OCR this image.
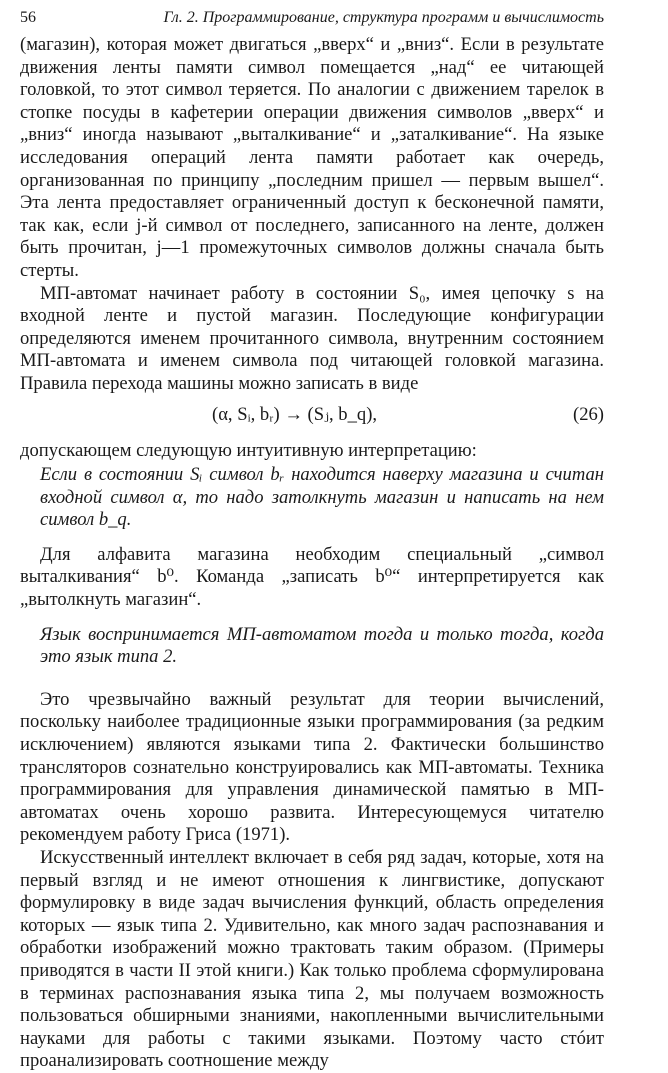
56	Гл. 2. Программирование, структура программ и вычислимость

(магазин), которая может двигаться „вверх“ и „вниз“. Если в результате движения ленты памяти символ помещается „над“ ее читающей головкой, то этот символ теряется. По аналогии с движением тарелок в стопке посуды в кафетерии операции движения символов „вверх“ и „вниз“ иногда называют „выталкивание“ и „заталкивание“. На языке исследования операций лента памяти работает как очередь, организованная по принципу „последним пришел — первым вышел“. Эта лента предоставляет ограниченный доступ к бесконечной памяти, так как, если j-й символ от последнего, записанного на ленте, должен быть прочитан, j—1 промежуточных символов должны сначала быть стерты.

МП-автомат начинает работу в состоянии S₀, имея цепочку s на входной ленте и пустой магазин. Последующие конфигурации определяются именем прочитанного символа, внутренним состоянием МП-автомата и именем символа под читающей головкой магазина. Правила перехода машины можно записать в виде

(α, Sᵢ, bᵣ) → (Sⱼ, b_q),	(26)

допускающем следующую интуитивную интерпретацию:

Если в состоянии Sᵢ символ bᵣ находится наверху магазина и считан входной символ α, то надо затолкнуть магазин и написать на нем символ b_q.

Для алфавита магазина необходим специальный „символ выталкивания“ b⁰. Команда „записать b⁰“ интерпретируется как „вытолкнуть магазин“.

Язык воспринимается МП-автоматом тогда и только тогда, когда это язык типа 2.

Это чрезвычайно важный результат для теории вычислений, поскольку наиболее традиционные языки программирования (за редким исключением) являются языками типа 2. Фактически большинство трансляторов сознательно конструировались как МП-автоматы. Техника программирования для управления динамической памятью в МП-автоматах очень хорошо развита. Интересующемуся читателю рекомендуем работу Гриса (1971).

Искусственный интеллект включает в себя ряд задач, которые, хотя на первый взгляд и не имеют отношения к лингвистике, допускают формулировку в виде задач вычисления функций, область определения которых — язык типа 2. Удивительно, как много задач распознавания и обработки изображений можно трактовать таким образом. (Примеры приводятся в части II этой книги.) Как только проблема сформулирована в терминах распознавания языка типа 2, мы получаем возможность пользоваться обширными знаниями, накопленными вычислительными науками для работы с такими языками. Поэтому часто стóит проанализировать соотношение между
